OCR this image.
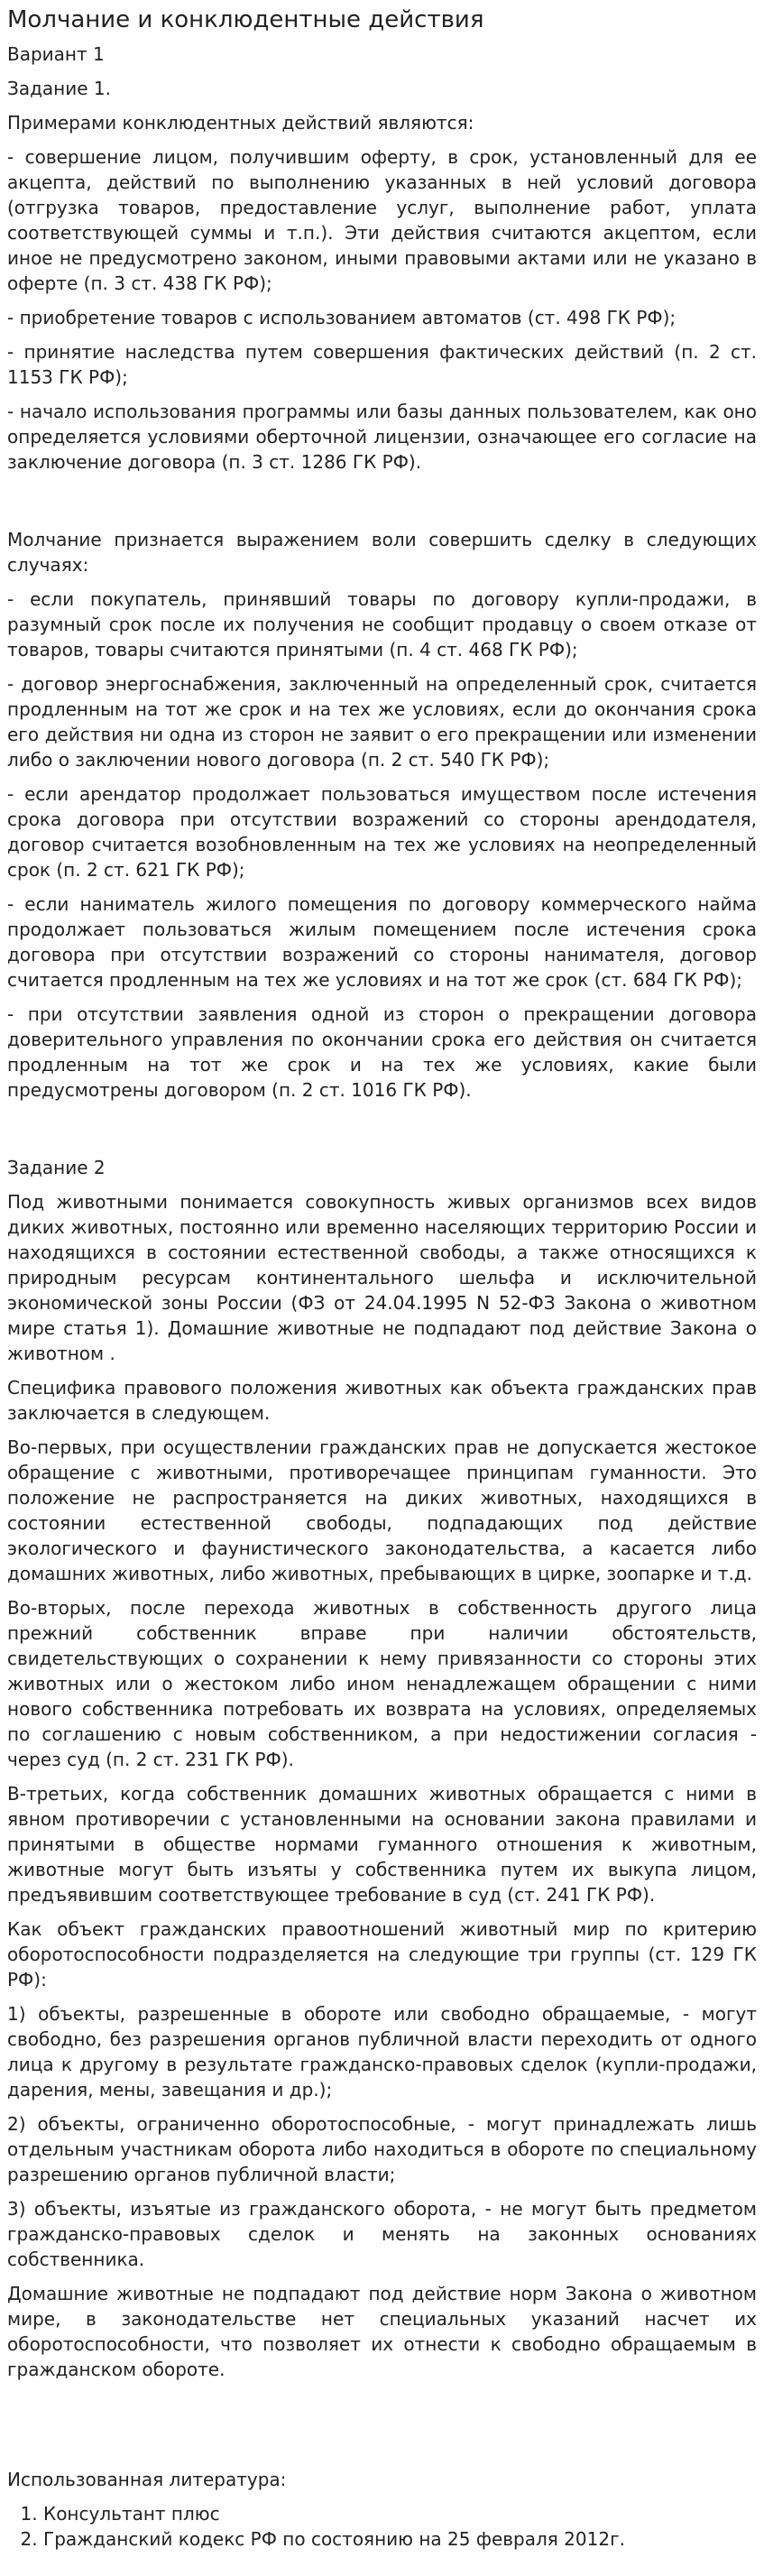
Молчание и конклюдентные действия

Вариант 1

Задание 1.

Примерами конклюдентных действий являются:

- совершение лицом, получившим оферту, в срок, установленный для ее акцепта, действий по выполнению указанных в ней условий договора (отгрузка товаров, предоставление услуг, выполнение работ, уплата соответствующей суммы и т.п.). Эти действия считаются акцептом, если иное не предусмотрено законом, иными правовыми актами или не указано в оферте (п. 3 ст. 438 ГК РФ);

- приобретение товаров с использованием автоматов (ст. 498 ГК РФ);

- принятие наследства путем совершения фактических действий (п. 2 ст. 1153 ГК РФ);

- начало использования программы или базы данных пользователем, как оно определяется условиями оберточной лицензии, означающее его согласие на заключение договора (п. 3 ст. 1286 ГК РФ).

Молчание признается выражением воли совершить сделку в следующих случаях:

- если покупатель, принявший товары по договору купли-продажи, в разумный срок после их получения не сообщит продавцу о своем отказе от товаров, товары считаются принятыми (п. 4 ст. 468 ГК РФ);

- договор энергоснабжения, заключенный на определенный срок, считается продленным на тот же срок и на тех же условиях, если до окончания срока его действия ни одна из сторон не заявит о его прекращении или изменении либо о заключении нового договора (п. 2 ст. 540 ГК РФ);

- если арендатор продолжает пользоваться имуществом после истечения срока договора при отсутствии возражений со стороны арендодателя, договор считается возобновленным на тех же условиях на неопределенный срок (п. 2 ст. 621 ГК РФ);

- если наниматель жилого помещения по договору коммерческого найма продолжает пользоваться жилым помещением после истечения срока договора при отсутствии возражений со стороны нанимателя, договор считается продленным на тех же условиях и на тот же срок (ст. 684 ГК РФ);

- при отсутствии заявления одной из сторон о прекращении договора доверительного управления по окончании срока его действия он считается продленным на тот же срок и на тех же условиях, какие были предусмотрены договором (п. 2 ст. 1016 ГК РФ).

Задание 2

Под животными понимается совокупность живых организмов всех видов диких животных, постоянно или временно населяющих территорию России и находящихся в состоянии естественной свободы, а также относящихся к природным ресурсам континентального шельфа и исключительной экономической зоны России (ФЗ от 24.04.1995 N 52-ФЗ Закона о животном мире статья 1). Домашние животные не подпадают под действие Закона о животном .

Специфика правового положения животных как объекта гражданских прав заключается в следующем.

Во-первых, при осуществлении гражданских прав не допускается жестокое обращение с животными, противоречащее принципам гуманности. Это положение не распространяется на диких животных, находящихся в состоянии естественной свободы, подпадающих под действие экологического и фаунистического законодательства, а касается либо домашних животных, либо животных, пребывающих в цирке, зоопарке и т.д.

Во-вторых, после перехода животных в собственность другого лица прежний собственник вправе при наличии обстоятельств, свидетельствующих о сохранении к нему привязанности со стороны этих животных или о жестоком либо ином ненадлежащем обращении с ними нового собственника потребовать их возврата на условиях, определяемых по соглашению с новым собственником, а при недостижении согласия - через суд (п. 2 ст. 231 ГК РФ).

В-третьих, когда собственник домашних животных обращается с ними в явном противоречии с установленными на основании закона правилами и принятыми в обществе нормами гуманного отношения к животным, животные могут быть изъяты у собственника путем их выкупа лицом, предъявившим соответствующее требование в суд (ст. 241 ГК РФ).

Как объект гражданских правоотношений животный мир по критерию оборотоспособности подразделяется на следующие три группы (ст. 129 ГК РФ):

1) объекты, разрешенные в обороте или свободно обращаемые, - могут свободно, без разрешения органов публичной власти переходить от одного лица к другому в результате гражданско-правовых сделок (купли-продажи, дарения, мены, завещания и др.);

2) объекты, ограниченно оборотоспособные, - могут принадлежать лишь отдельным участникам оборота либо находиться в обороте по специальному разрешению органов публичной власти;

3) объекты, изъятые из гражданского оборота, - не могут быть предметом гражданско-правовых сделок и менять на законных основаниях собственника.

Домашние животные не подпадают под действие норм Закона о животном мире, в законодательстве нет специальных указаний насчет их оборотоспособности, что позволяет их отнести к свободно обращаемым в гражданском обороте.

Использованная литература:

1. Консультант плюс
2. Гражданский кодекс РФ по состоянию на 25 февраля 2012г.
